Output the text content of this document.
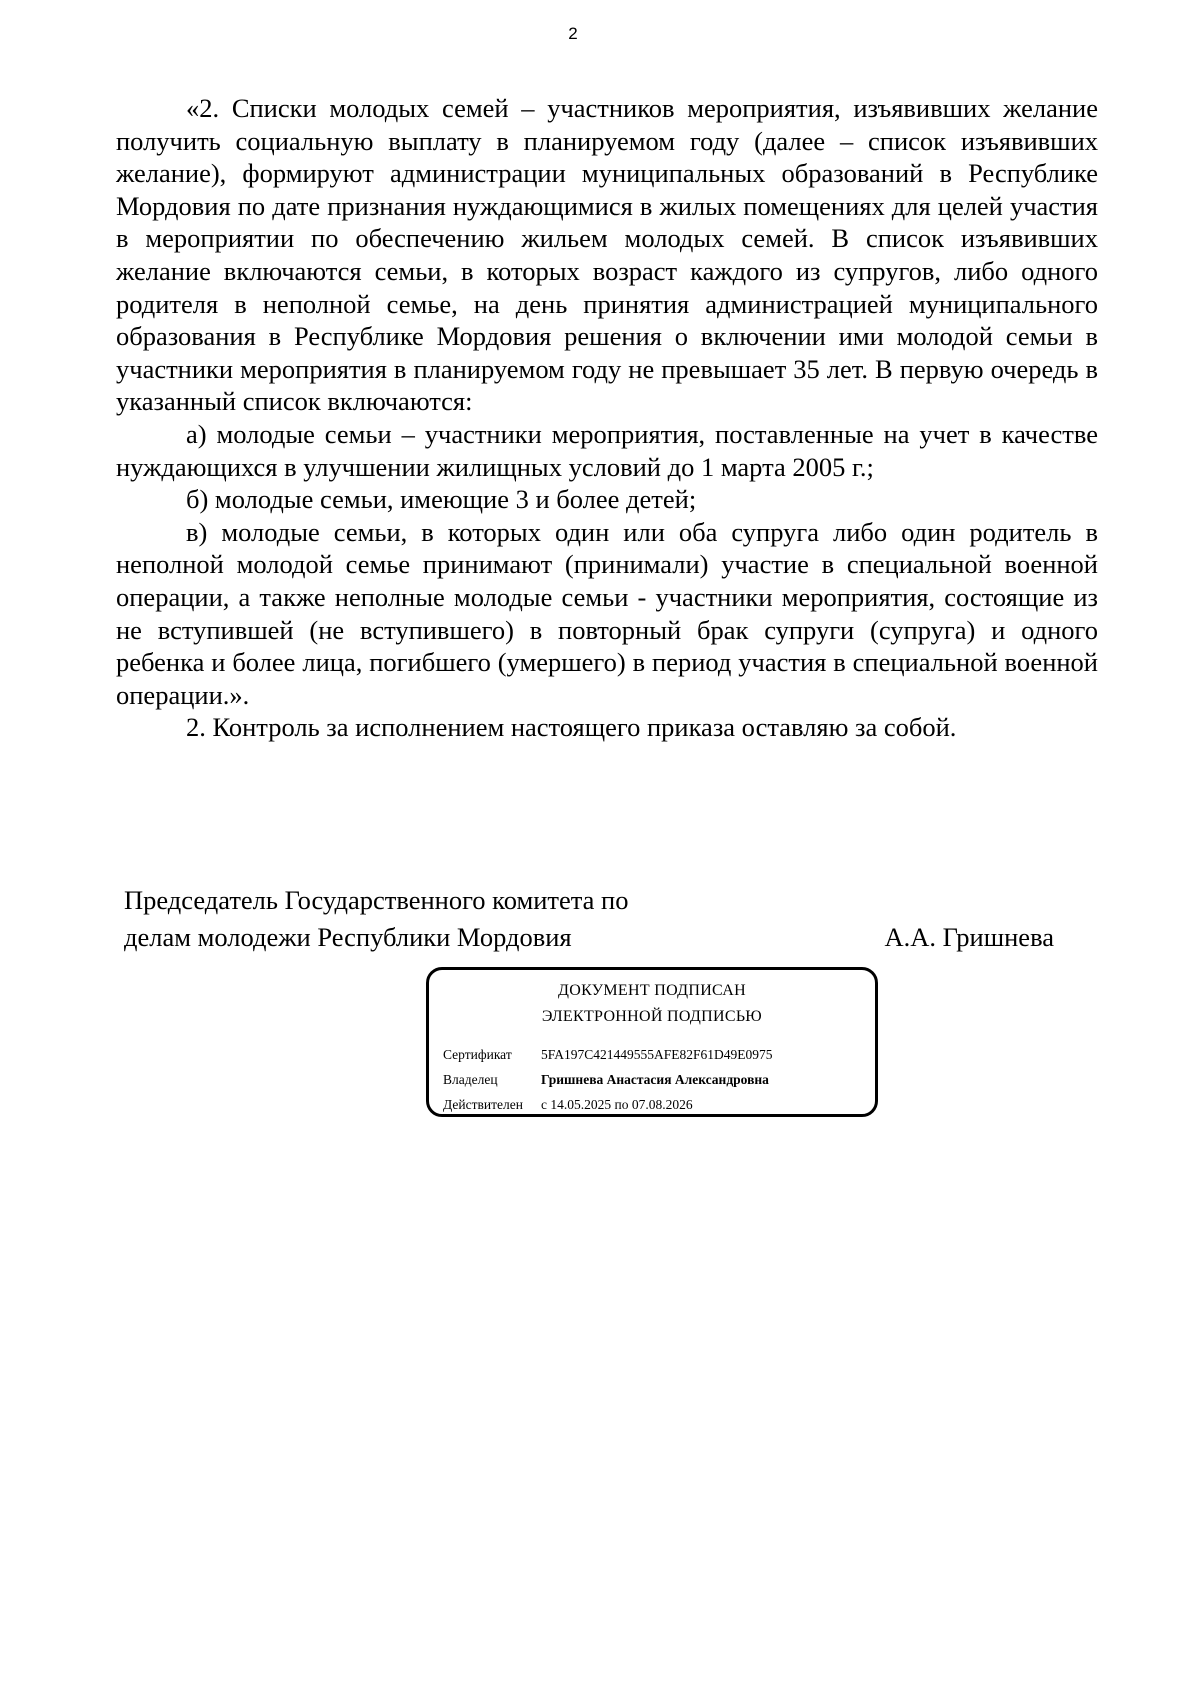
2

«2. Списки молодых семей – участников мероприятия, изъявивших желание получить социальную выплату в планируемом году (далее – список изъявивших желание), формируют администрации муниципальных образований в Республике Мордовия по дате признания нуждающимися в жилых помещениях для целей участия в мероприятии по обеспечению жильем молодых семей. В список изъявивших желание включаются семьи, в которых возраст каждого из супругов, либо одного родителя в неполной семье, на день принятия администрацией муниципального образования в Республике Мордовия решения о включении ими молодой семьи в участники мероприятия в планируемом году не превышает 35 лет. В первую очередь в указанный список включаются:

а) молодые семьи – участники мероприятия, поставленные на учет в качестве нуждающихся в улучшении жилищных условий до 1 марта 2005 г.;

б) молодые семьи, имеющие 3 и более детей;

в) молодые семьи, в которых один или оба супруга либо один родитель в неполной молодой семье принимают (принимали) участие в специальной военной операции, а также неполные молодые семьи - участники мероприятия, состоящие из не вступившей (не вступившего) в повторный брак супруги (супруга) и одного ребенка и более лица, погибшего (умершего) в период участия в специальной военной операции.».

2. Контроль за исполнением настоящего приказа оставляю за собой.

Председатель Государственного комитета по
делам молодежи Республики Мордовия	А.А. Гришнева
ДОКУМЕНТ ПОДПИСАН
ЭЛЕКТРОННОЙ ПОДПИСЬЮ
Сертификат	5FA197C421449555AFE82F61D49E0975
Владелец	Гришнева Анастасия Александровна
Действителен	с 14.05.2025 по 07.08.2026
